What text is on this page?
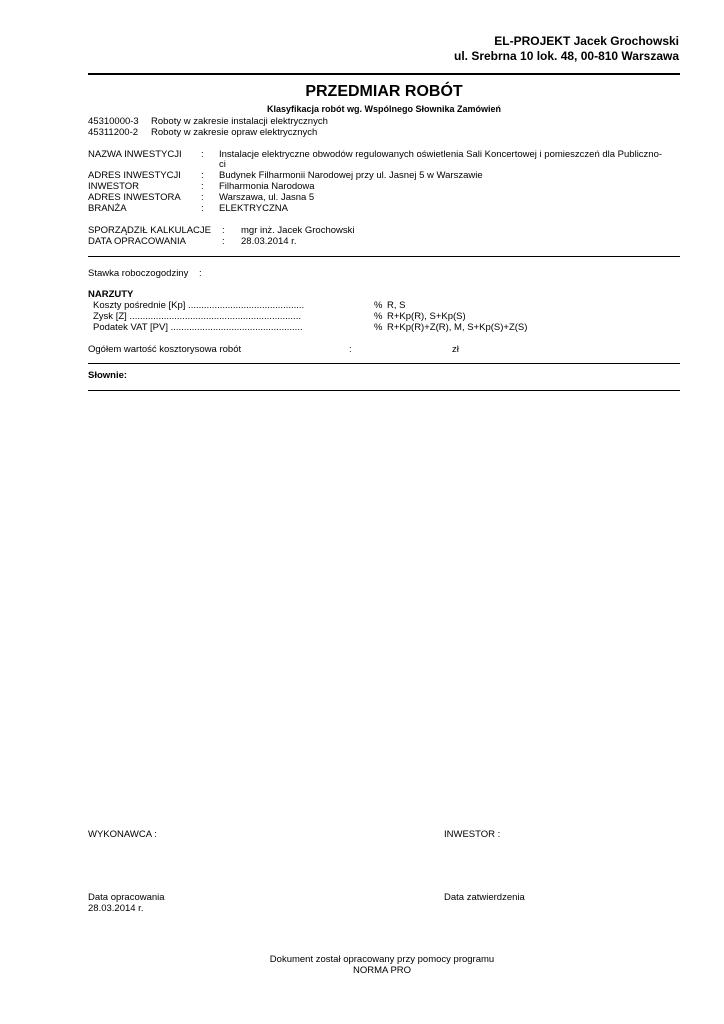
EL-PROJEKT Jacek Grochowski
ul. Srebrna 10 lok. 48, 00-810 Warszawa
PRZEDMIAR ROBÓT
Klasyfikacja robót wg. Wspólnego Słownika Zamówień
45310000-3 Roboty w zakresie instalacji elektrycznych
45311200-2 Roboty w zakresie opraw elektrycznych
NAZWA INWESTYCJI : Instalacje elektryczne obwodów regulowanych oświetlenia Sali Koncertowej i pomieszczeń dla Publiczno-
ci
ADRES INWESTYCJI : Budynek Filharmonii Narodowej przy ul. Jasnej 5 w Warszawie
INWESTOR	: Filharmonia Narodowa
ADRES INWESTORA : Warszawa, ul. Jasna 5
BRANŻA	: ELEKTRYCZNA
SPORZĄDZIŁ KALKULACJE : mgr inż. Jacek Grochowski
DATA OPRACOWANIA	: 28.03.2014 r.
Stawka roboczogodziny :
NARZUTY
Koszty pośrednie [Kp] ............................................	% R, S
Zysk [Z] .................................................................	% R+Kp(R), S+Kp(S)
Podatek VAT [PV] ..................................................	% R+Kp(R)+Z(R), M, S+Kp(S)+Z(S)
Ogółem wartość kosztorysowa robót	:	zł
Słownie:
WYKONAWCA :	INWESTOR :
Data opracowania
28.03.2014 r.
Data zatwierdzenia
Dokument został opracowany przy pomocy programu
NORMA PRO
